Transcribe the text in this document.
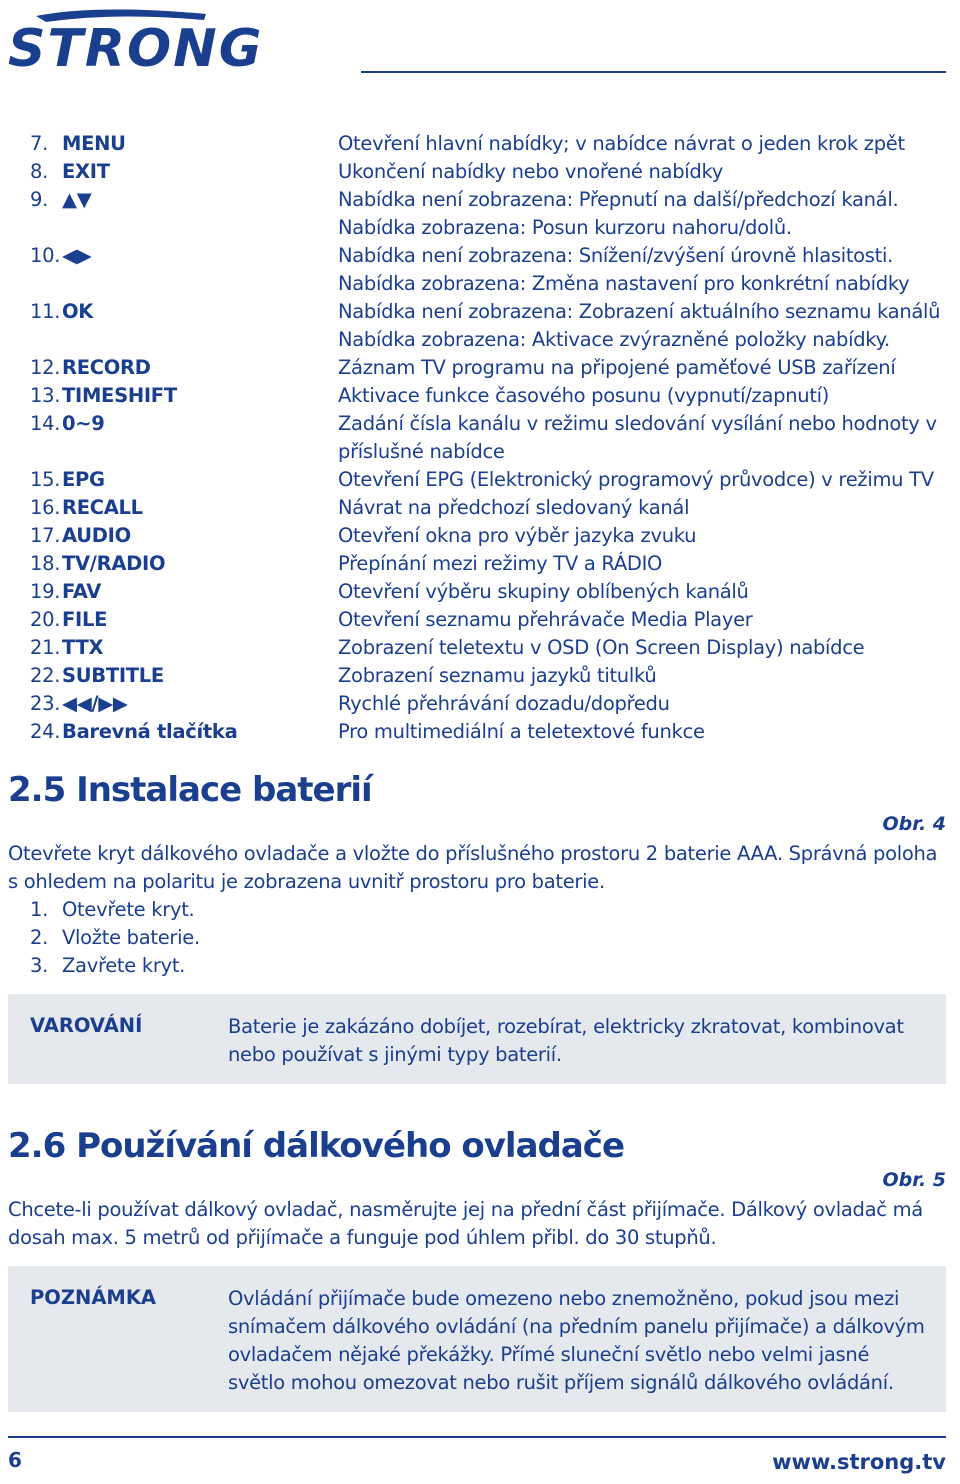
STRONG
7. MENU	Otevření hlavní nabídky; v nabídce návrat o jeden krok zpět
8. EXIT	Ukončení nabídky nebo vnořené nabídky
9. ▲▼	Nabídka není zobrazena: Přepnutí na další/předchozí kanál.
Nabídka zobrazena: Posun kurzoru nahoru/dolů.
10. ◀▶	Nabídka není zobrazena: Snížení/zvýšení úrovně hlasitosti.
Nabídka zobrazena: Změna nastavení pro konkrétní nabídky
11. OK	Nabídka není zobrazena: Zobrazení aktuálního seznamu kanálů
Nabídka zobrazena: Aktivace zvýrazněné položky nabídky.
12. RECORD	Záznam TV programu na připojené paměťové USB zařízení
13. TIMESHIFT	Aktivace funkce časového posunu (vypnutí/zapnutí)
14. 0~9	Zadání čísla kanálu v režimu sledování vysílání nebo hodnoty v
příslušné nabídce
15. EPG	Otevření EPG (Elektronický programový průvodce) v režimu TV
16. RECALL	Návrat na předchozí sledovaný kanál
17. AUDIO	Otevření okna pro výběr jazyka zvuku
18. TV/RADIO	Přepínání mezi režimy TV a RÁDIO
19. FAV	Otevření výběru skupiny oblíbených kanálů
20. FILE	Otevření seznamu přehrávače Media Player
21. TTX	Zobrazení teletextu v OSD (On Screen Display) nabídce
22. SUBTITLE	Zobrazení seznamu jazyků titulků
23. ◀◀/▶▶	Rychlé přehrávání dozadu/dopředu
24. Barevná tlačítka	Pro multimediální a teletextové funkce
2.5 Instalace baterií
Obr. 4

Otevřete kryt dálkového ovladače a vložte do příslušného prostoru 2 baterie AAA. Správná poloha s ohledem na polaritu je zobrazena uvnitř prostoru pro baterie.

1. Otevřete kryt.
2. Vložte baterie.
3. Zavřete kryt.
VAROVÁNÍ	Baterie je zakázáno dobíjet, rozebírat, elektricky zkratovat, kombinovat nebo používat s jinými typy baterií.
2.6 Používání dálkového ovladače
Obr. 5

Chcete-li používat dálkový ovladač, nasměrujte jej na přední část přijímače. Dálkový ovladač má dosah max. 5 metrů od přijímače a funguje pod úhlem přibl. do 30 stupňů.

POZNÁMKA	Ovládání přijímače bude omezeno nebo znemožněno, pokud jsou mezi snímačem dálkového ovládání (na předním panelu přijímače) a dálkovým ovladačem nějaké překážky. Přímé sluneční světlo nebo velmi jasné světlo mohou omezovat nebo rušit příjem signálů dálkového ovládání.
6	www.strong.tv
